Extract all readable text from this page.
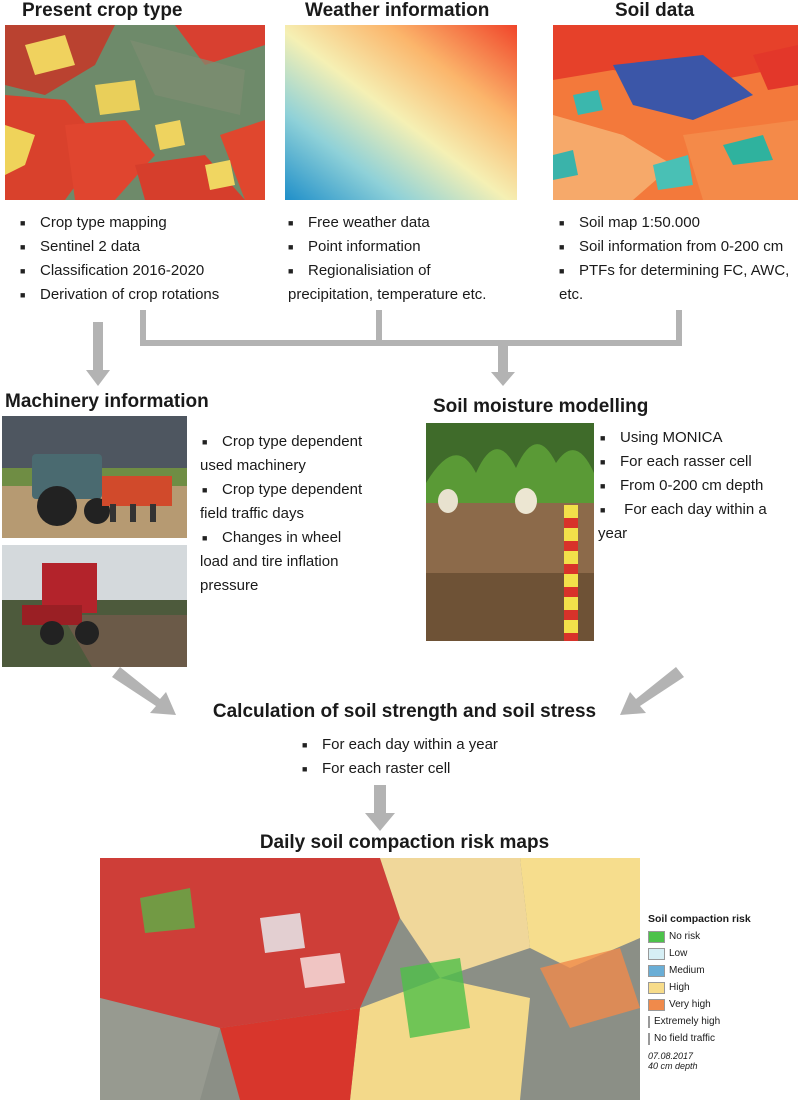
Present crop type	Weather information	Soil data
■ Crop type mapping
■ Sentinel 2 data
■ Classification 2016-2020
■ Derivation of crop rotations
■ Free weather data
■ Point information
■ Regionalisiation of
precipitation, temperature etc.
■ Soil map 1:50.000
■ Soil information from 0-200 cm
■ PTFs for determining FC, AWC,
etc.
Machinery information
■ Crop type dependent
used machinery
■ Crop type dependent
field traffic days
■ Changes in wheel
load and tire inflation
pressure
Soil moisture modelling
■ Using MONICA
■ For each rasser cell
■ From 0-200 cm depth
■  For each day within a
year
Calculation of soil strength and soil stress
■ For each day within a year
■ For each raster cell
Daily soil compaction risk maps
Soil compaction risk
No risk
Low
Medium
High
Very high
Extremely high
No field traffic
07.08.2017
40 cm depth
